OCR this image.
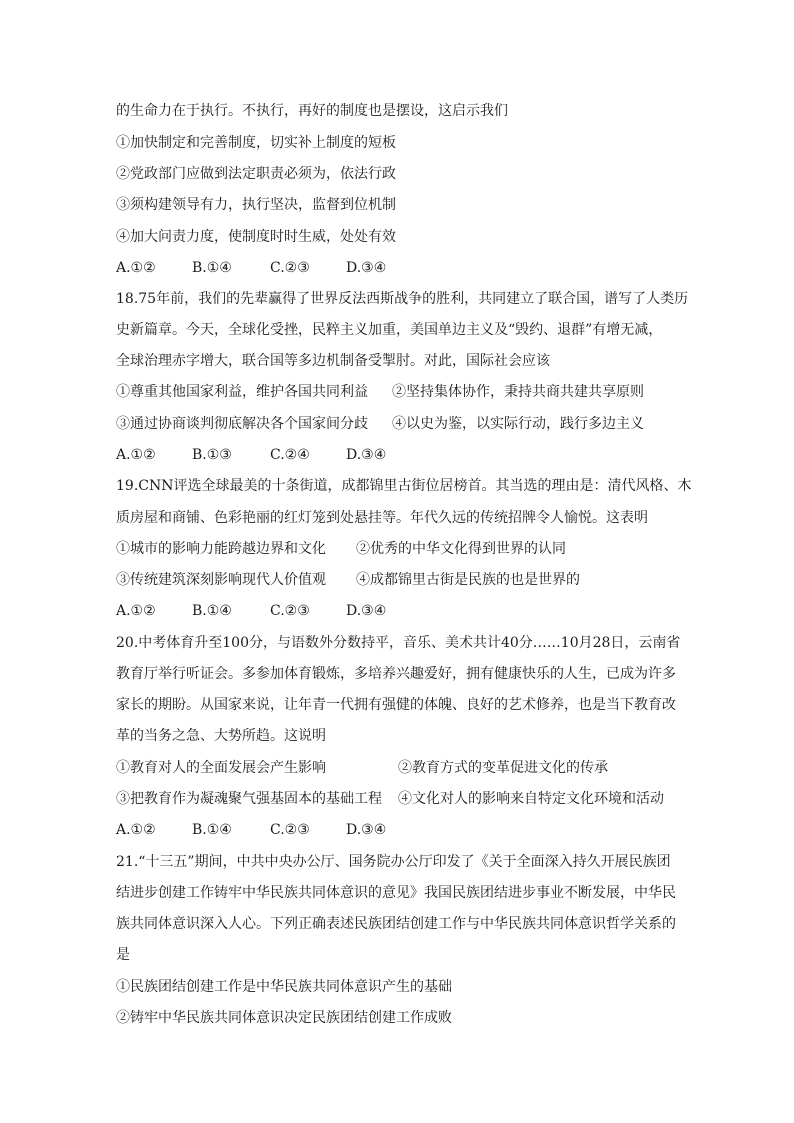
的生命力在于执行。不执行，再好的制度也是摆设，这启示我们
①加快制定和完善制度，切实补上制度的短板
②党政部门应做到法定职责必须为，依法行政
③须构建领导有力，执行坚决，监督到位机制
④加大问责力度，使制度时时生威，处处有效
A.①②	B.①④	C.②③	D.③④
18.75年前，我们的先辈赢得了世界反法西斯战争的胜利，共同建立了联合国，谱写了人类历
史新篇章。今天，全球化受挫，民粹主义加重，美国单边主义及“毁约、退群”有增无减，
全球治理赤字增大，联合国等多边机制备受掣肘。对此，国际社会应该
①尊重其他国家利益，维护各国共同利益 ②坚持集体协作，秉持共商共建共享原则
③通过协商谈判彻底解决各个国家间分歧 ④以史为鉴，以实际行动，践行多边主义
A.①②	B.①③	C.②④	D.③④
19.CNN评选全球最美的十条街道，成都锦里古街位居榜首。其当选的理由是：清代风格、木
质房屋和商铺、色彩艳丽的红灯笼到处悬挂等。年代久远的传统招牌令人愉悦。这表明
①城市的影响力能跨越边界和文化 ②优秀的中华文化得到世界的认同
③传统建筑深刻影响现代人价值观 ④成都锦里古街是民族的也是世界的
A.①②	B.①④	C.②③	D.③④
20.中考体育升至100分，与语数外分数持平，音乐、美术共计40分……10月28日，云南省
教育厅举行听证会。多参加体育锻炼，多培养兴趣爱好，拥有健康快乐的人生，已成为许多
家长的期盼。从国家来说，让年青一代拥有强健的体魄、良好的艺术修养，也是当下教育改
革的当务之急、大势所趋。这说明
①教育对人的全面发展会产生影响	②教育方式的变革促进文化的传承
③把教育作为凝魂聚气强基固本的基础工程 ④文化对人的影响来自特定文化环境和活动
A.①②	B.①④	C.②③	D.③④
21.“十三五”期间，中共中央办公厅、国务院办公厅印发了《关于全面深入持久开展民族团
结进步创建工作铸牢中华民族共同体意识的意见》我国民族团结进步事业不断发展，中华民
族共同体意识深入人心。下列正确表述民族团结创建工作与中华民族共同体意识哲学关系的
是
①民族团结创建工作是中华民族共同体意识产生的基础
②铸牢中华民族共同体意识决定民族团结创建工作成败
